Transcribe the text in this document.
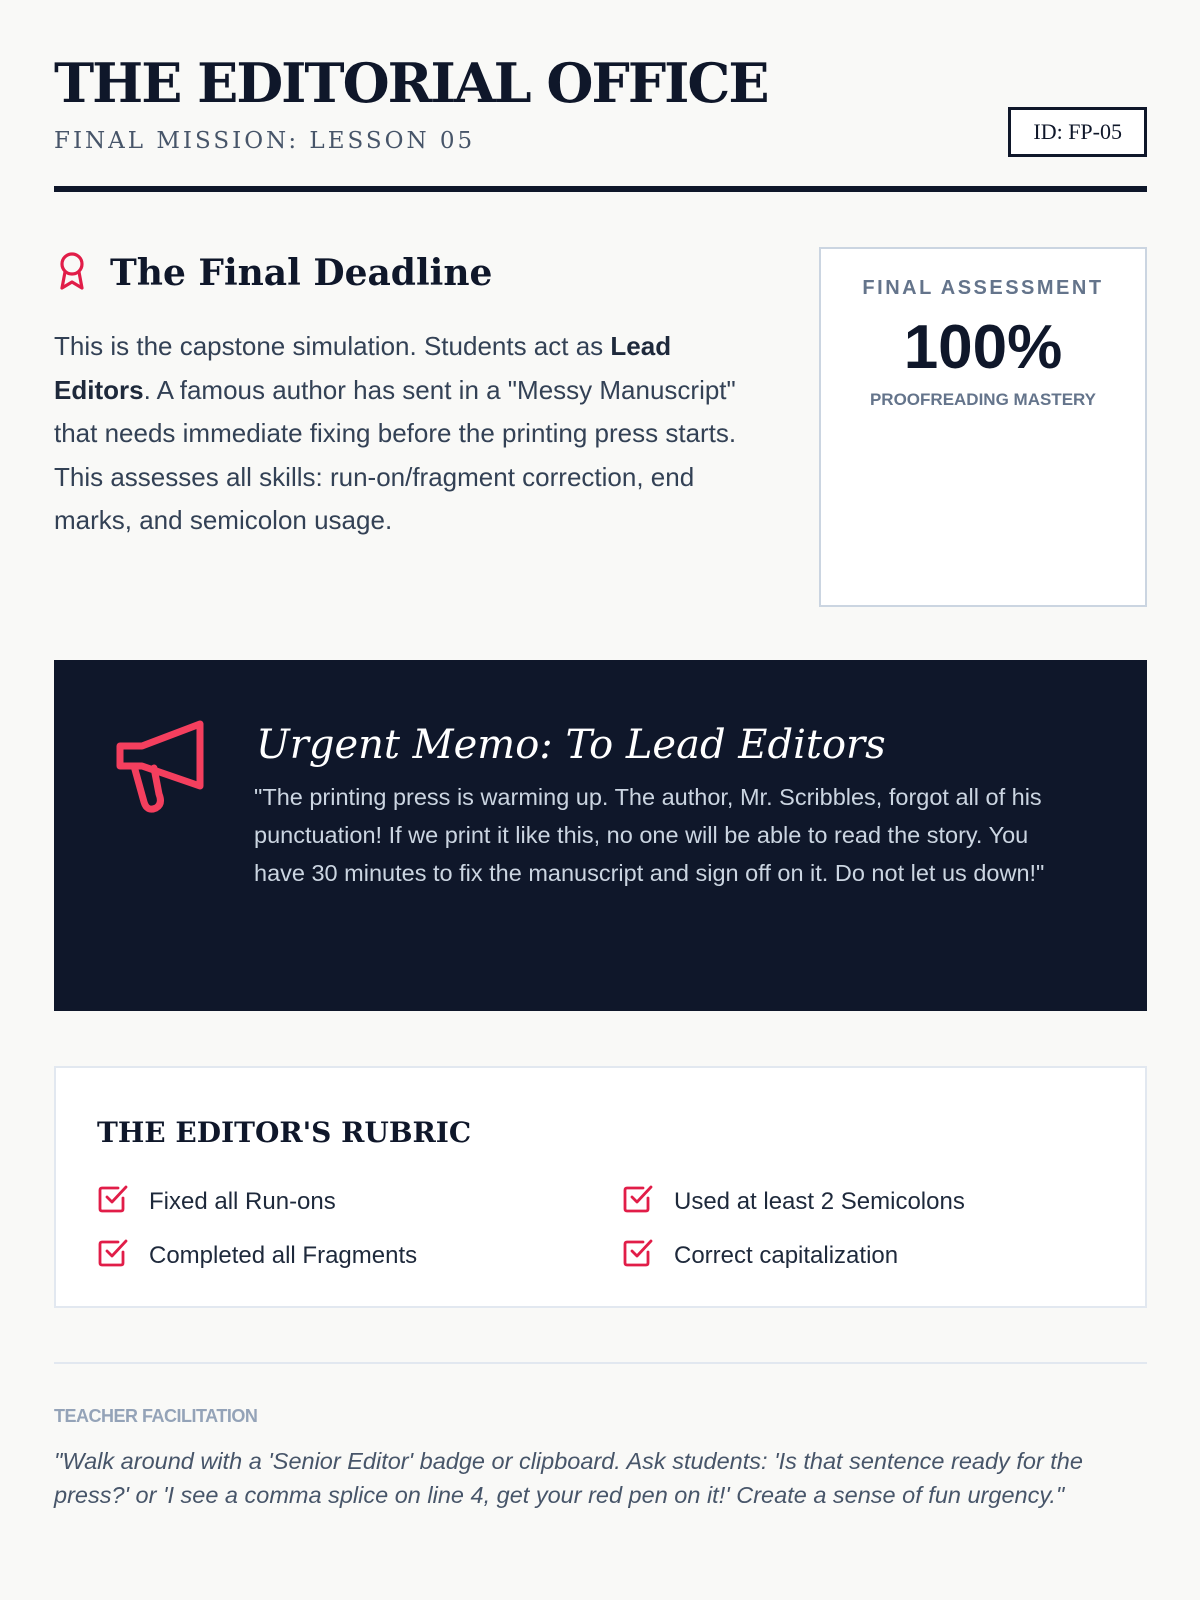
THE EDITORIAL OFFICE
FINAL MISSION: LESSON 05	ID: FP-05
The Final Deadline

This is the capstone simulation. Students act as Lead Editors. A famous author has sent in a "Messy Manuscript" that needs immediate fixing before the printing press starts. This assesses all skills: run-on/fragment correction, end marks, and semicolon usage.

FINAL ASSESSMENT
100%
PROOFREADING MASTERY
Urgent Memo: To Lead Editors

"The printing press is warming up. The author, Mr. Scribbles, forgot all of his punctuation! If we print it like this, no one will be able to read the story. You have 30 minutes to fix the manuscript and sign off on it. Do not let us down!"

THE EDITOR'S RUBRIC
Fixed all Run-ons	Used at least 2 Semicolons
Completed all Fragments	Correct capitalization
TEACHER FACILITATION

"Walk around with a 'Senior Editor' badge or clipboard. Ask students: 'Is that sentence ready for the press?' or 'I see a comma splice on line 4, get your red pen on it!' Create a sense of fun urgency."
